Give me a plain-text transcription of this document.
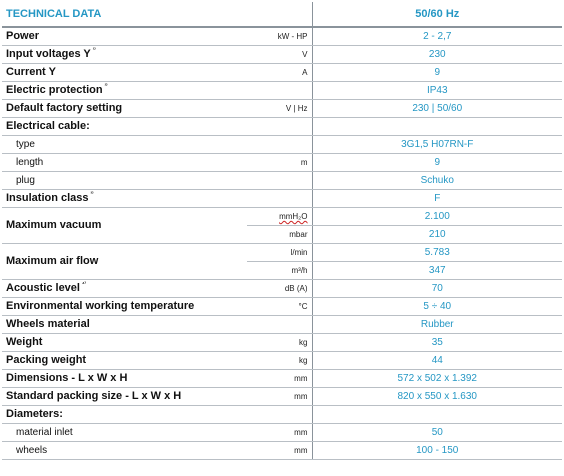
TECHNICAL DATA		50/60 Hz
Power	kW - HP	2 - 2,7
Input voltages Y $^{^{1)}}$	V	230
Current Y	A	9
Electric protection $^{^{2)}}$		IP43
Default factory setting	V | Hz	230 | 50/60
Electrical cable:		
type		3G1,5 H07RN-F
length	m	9
plug		Schuko
Insulation class $^{^{3)}}$		F
Maximum vacuum	mmH₂O	2.100
	mbar	210
Maximum air flow	l/min	5.783
	m³/h	347
Acoustic level $^{^{4)}}$	dB (A)	70
Environmental working temperature	°C	5 ÷ 40
Wheels material		Rubber
Weight	kg	35
Packing weight	kg	44
Dimensions - L x W x H	mm	572 x 502 x 1.392
Standard packing size - L x W x H	mm	820 x 550 x 1.630
Diameters:		
material inlet	mm	50
wheels	mm	100 - 150
